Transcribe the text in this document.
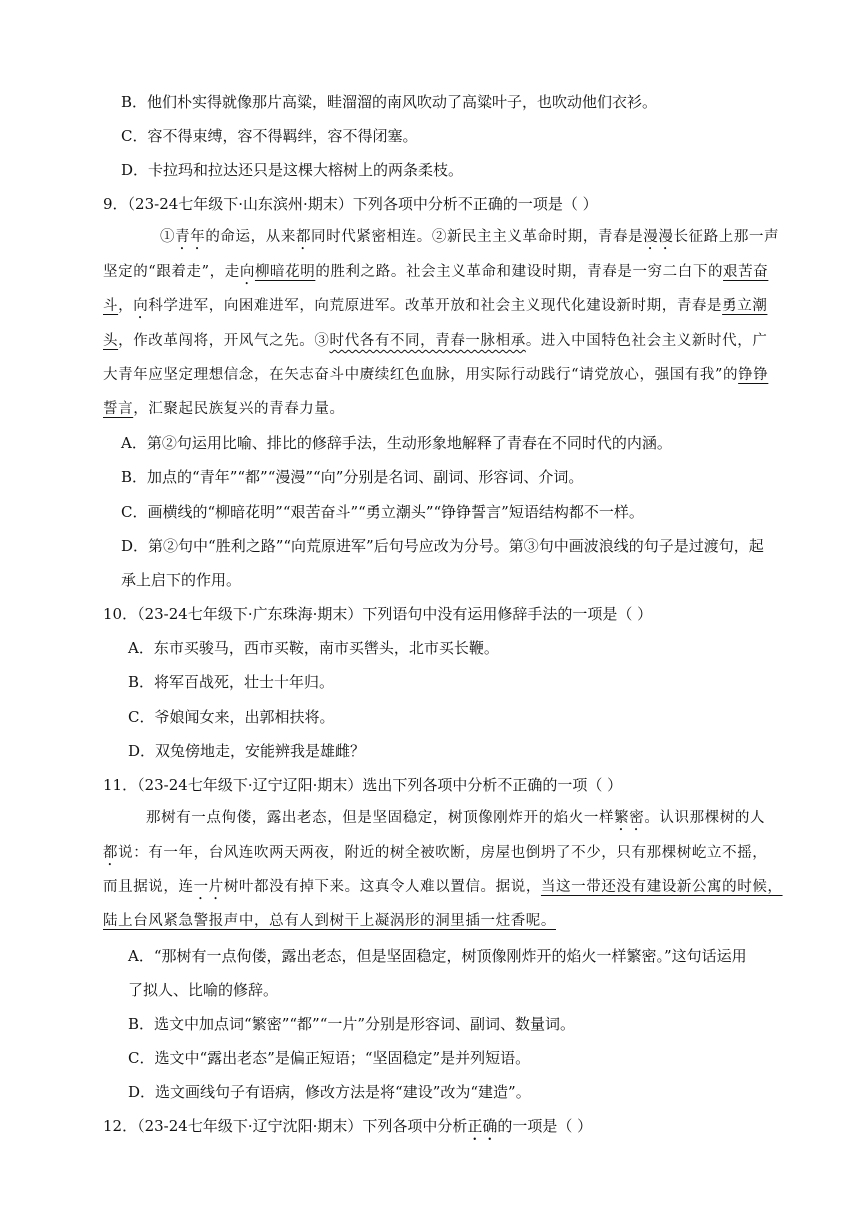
B．他们朴实得就像那片高粱，畦溜溜的南风吹动了高粱叶子，也吹动他们衣衫。
C．容不得束缚，容不得羁绊，容不得闭塞。
D．卡拉玛和拉达还只是这棵大榕树上的两条柔枝。
9．（23-24七年级下·山东滨州·期末）下列各项中分析不正确的一项是（ ）
①青年的命运，从来都同时代紧密相连。②新民主主义革命时期，青春是漫漫长征路上那一声
坚定的“跟着走”，走向柳暗花明的胜利之路。社会主义革命和建设时期，青春是一穷二白下的艰苦奋
斗，向科学进军，向困难进军，向荒原进军。改革开放和社会主义现代化建设新时期，青春是勇立潮
头，作改革闯将，开风气之先。③时代各有不同，青春一脉相承。进入中国特色社会主义新时代，广
大青年应坚定理想信念，在矢志奋斗中赓续红色血脉，用实际行动践行“请党放心，强国有我”的铮铮
誓言，汇聚起民族复兴的青春力量。
A．第②句运用比喻、排比的修辞手法，生动形象地解释了青春在不同时代的内涵。
B．加点的“青年”“都”“漫漫”“向”分别是名词、副词、形容词、介词。
C．画横线的“柳暗花明”“艰苦奋斗”“勇立潮头”“铮铮誓言”短语结构都不一样。
D．第②句中“胜利之路”“向荒原进军”后句号应改为分号。第③句中画波浪线的句子是过渡句，起
承上启下的作用。
10．（23-24七年级下·广东珠海·期末）下列语句中没有运用修辞手法的一项是（ ）
A．东市买骏马，西市买鞍，南市买辔头，北市买长鞭。
B．将军百战死，壮士十年归。
C．爷娘闻女来，出郭相扶将。
D．双兔傍地走，安能辨我是雄雌？
11．（23-24七年级下·辽宁辽阳·期末）选出下列各项中分析不正确的一项（ ）
那树有一点佝偻，露出老态，但是坚固稳定，树顶像刚炸开的焰火一样繁密。认识那棵树的人
都说：有一年，台风连吹两天两夜，附近的树全被吹断，房屋也倒坍了不少，只有那棵树屹立不摇，
而且据说，连一片树叶都没有掉下来。这真令人难以置信。据说，当这一带还没有建设新公寓的时候，
陆上台风紧急警报声中，总有人到树干上凝涡形的洞里插一炷香呢。
A．“那树有一点佝偻，露出老态，但是坚固稳定，树顶像刚炸开的焰火一样繁密。”这句话运用
了拟人、比喻的修辞。
B．选文中加点词“繁密”“都”“一片”分别是形容词、副词、数量词。
C．选文中“露出老态”是偏正短语；“坚固稳定”是并列短语。
D．选文画线句子有语病，修改方法是将“建设”改为“建造”。
12．（23-24七年级下·辽宁沈阳·期末）下列各项中分析正确的一项是（ ）
